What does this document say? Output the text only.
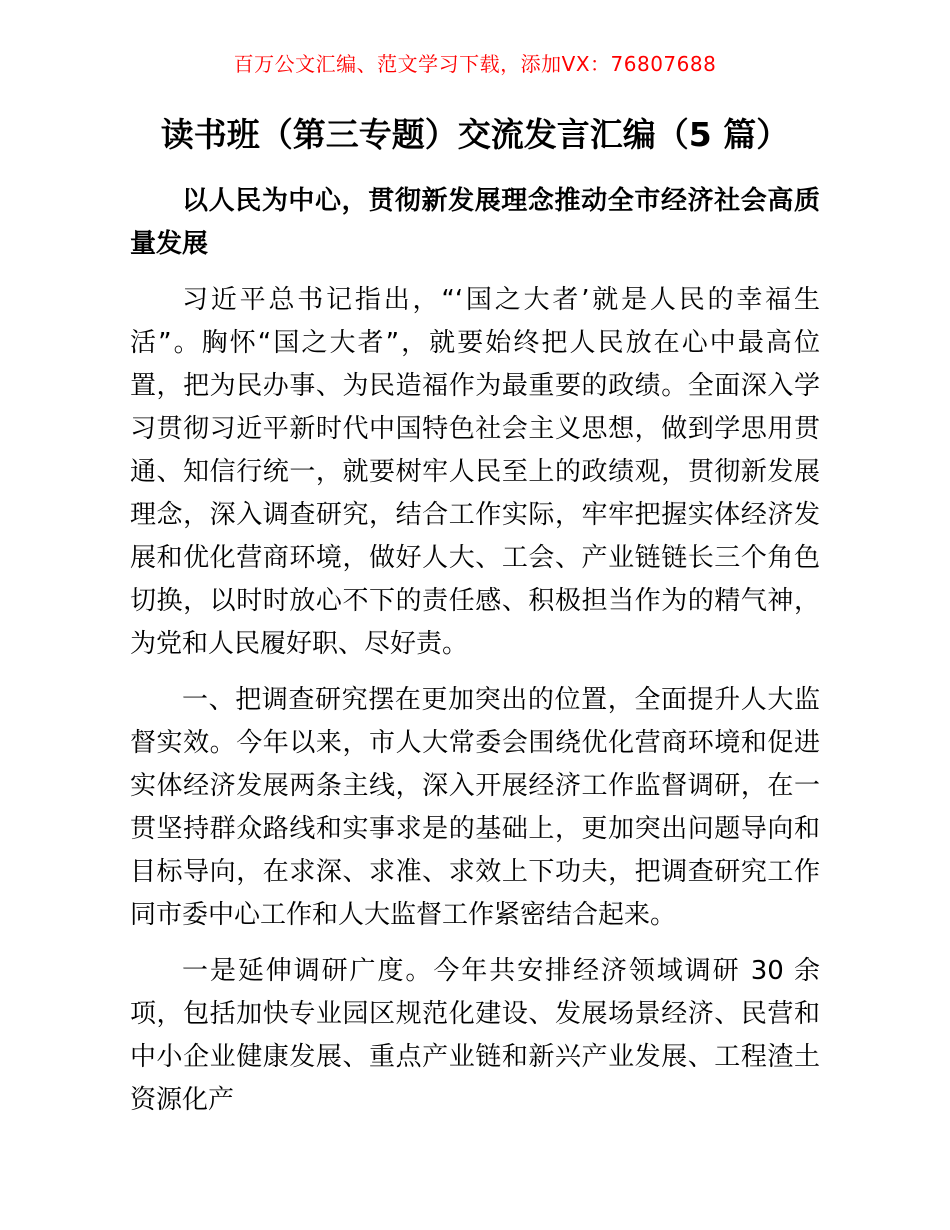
百万公文汇编、范文学习下载，添加VX：76807688
读书班（第三专题）交流发言汇编（5 篇）

以人民为中心，贯彻新发展理念推动全市经济社会高质量发展

习近平总书记指出，“‘国之大者’就是人民的幸福生活”。胸怀“国之大者”，就要始终把人民放在心中最高位置，把为民办事、为民造福作为最重要的政绩。全面深入学习贯彻习近平新时代中国特色社会主义思想，做到学思用贯通、知信行统一，就要树牢人民至上的政绩观，贯彻新发展理念，深入调查研究，结合工作实际，牢牢把握实体经济发展和优化营商环境，做好人大、工会、产业链链长三个角色切换，以时时放心不下的责任感、积极担当作为的精气神，为党和人民履好职、尽好责。

一、把调查研究摆在更加突出的位置，全面提升人大监督实效。今年以来，市人大常委会围绕优化营商环境和促进实体经济发展两条主线，深入开展经济工作监督调研，在一贯坚持群众路线和实事求是的基础上，更加突出问题导向和目标导向，在求深、求准、求效上下功夫，把调查研究工作同市委中心工作和人大监督工作紧密结合起来。

一是延伸调研广度。今年共安排经济领域调研 30 余项，包括加快专业园区规范化建设、发展场景经济、民营和中小企业健康发展、重点产业链和新兴产业发展、工程渣土资源化产
